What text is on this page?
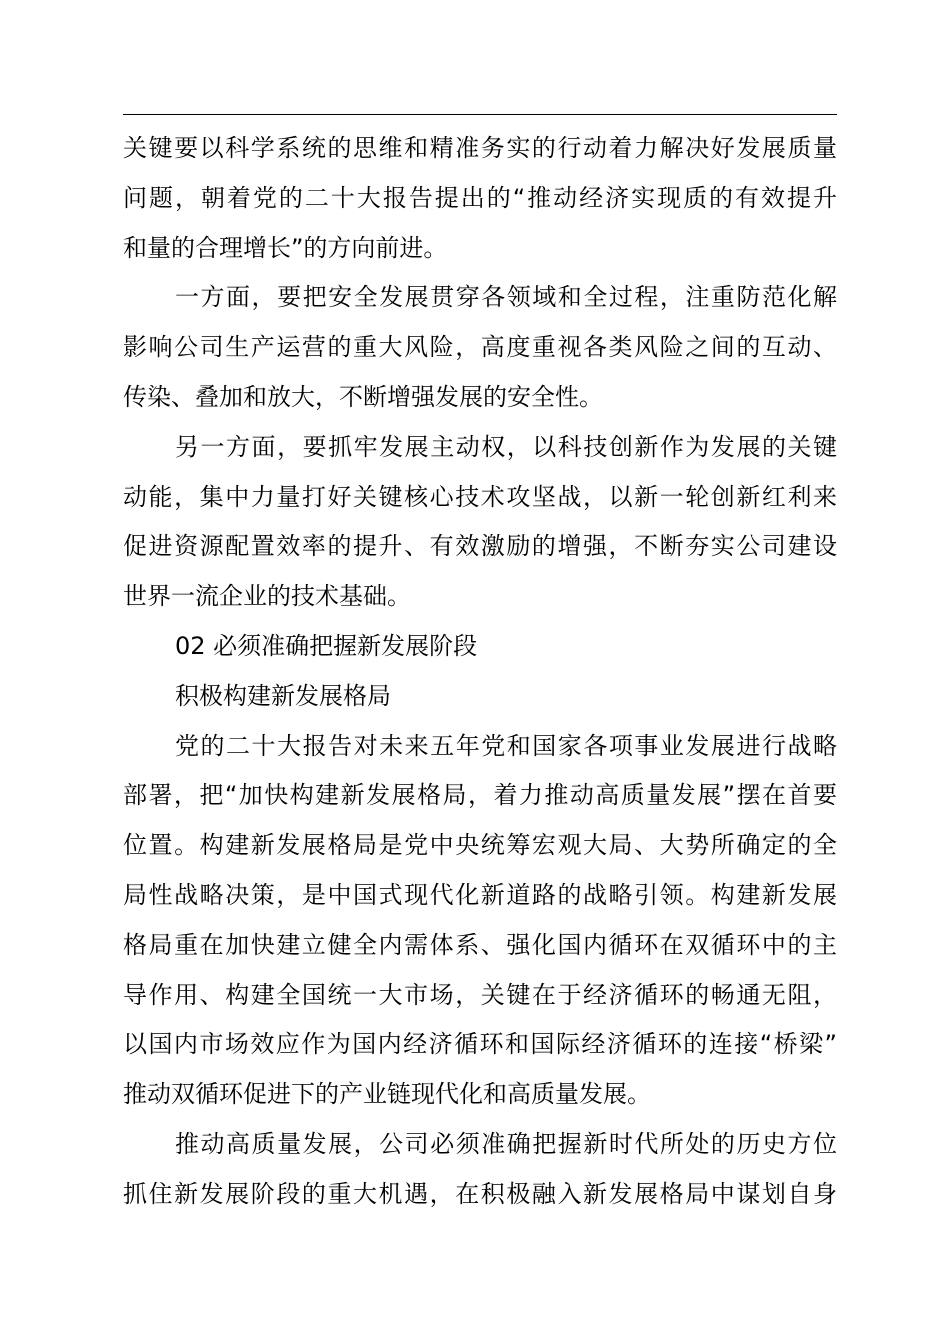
关键要以科学系统的思维和精准务实的行动着力解决好发展质量
问题，朝着党的二十大报告提出的“推动经济实现质的有效提升
和量的合理增长”的方向前进。
一方面，要把安全发展贯穿各领域和全过程，注重防范化解
影响公司生产运营的重大风险，高度重视各类风险之间的互动、
传染、叠加和放大，不断增强发展的安全性。
另一方面，要抓牢发展主动权，以科技创新作为发展的关键
动能，集中力量打好关键核心技术攻坚战，以新一轮创新红利来
促进资源配置效率的提升、有效激励的增强，不断夯实公司建设
世界一流企业的技术基础。
02 必须准确把握新发展阶段
积极构建新发展格局
党的二十大报告对未来五年党和国家各项事业发展进行战略
部署，把“加快构建新发展格局，着力推动高质量发展”摆在首要
位置。构建新发展格局是党中央统筹宏观大局、大势所确定的全
局性战略决策，是中国式现代化新道路的战略引领。构建新发展
格局重在加快建立健全内需体系、强化国内循环在双循环中的主
导作用、构建全国统一大市场，关键在于经济循环的畅通无阻，
以国内市场效应作为国内经济循环和国际经济循环的连接“桥梁”
推动双循环促进下的产业链现代化和高质量发展。
推动高质量发展，公司必须准确把握新时代所处的历史方位
抓住新发展阶段的重大机遇，在积极融入新发展格局中谋划自身
